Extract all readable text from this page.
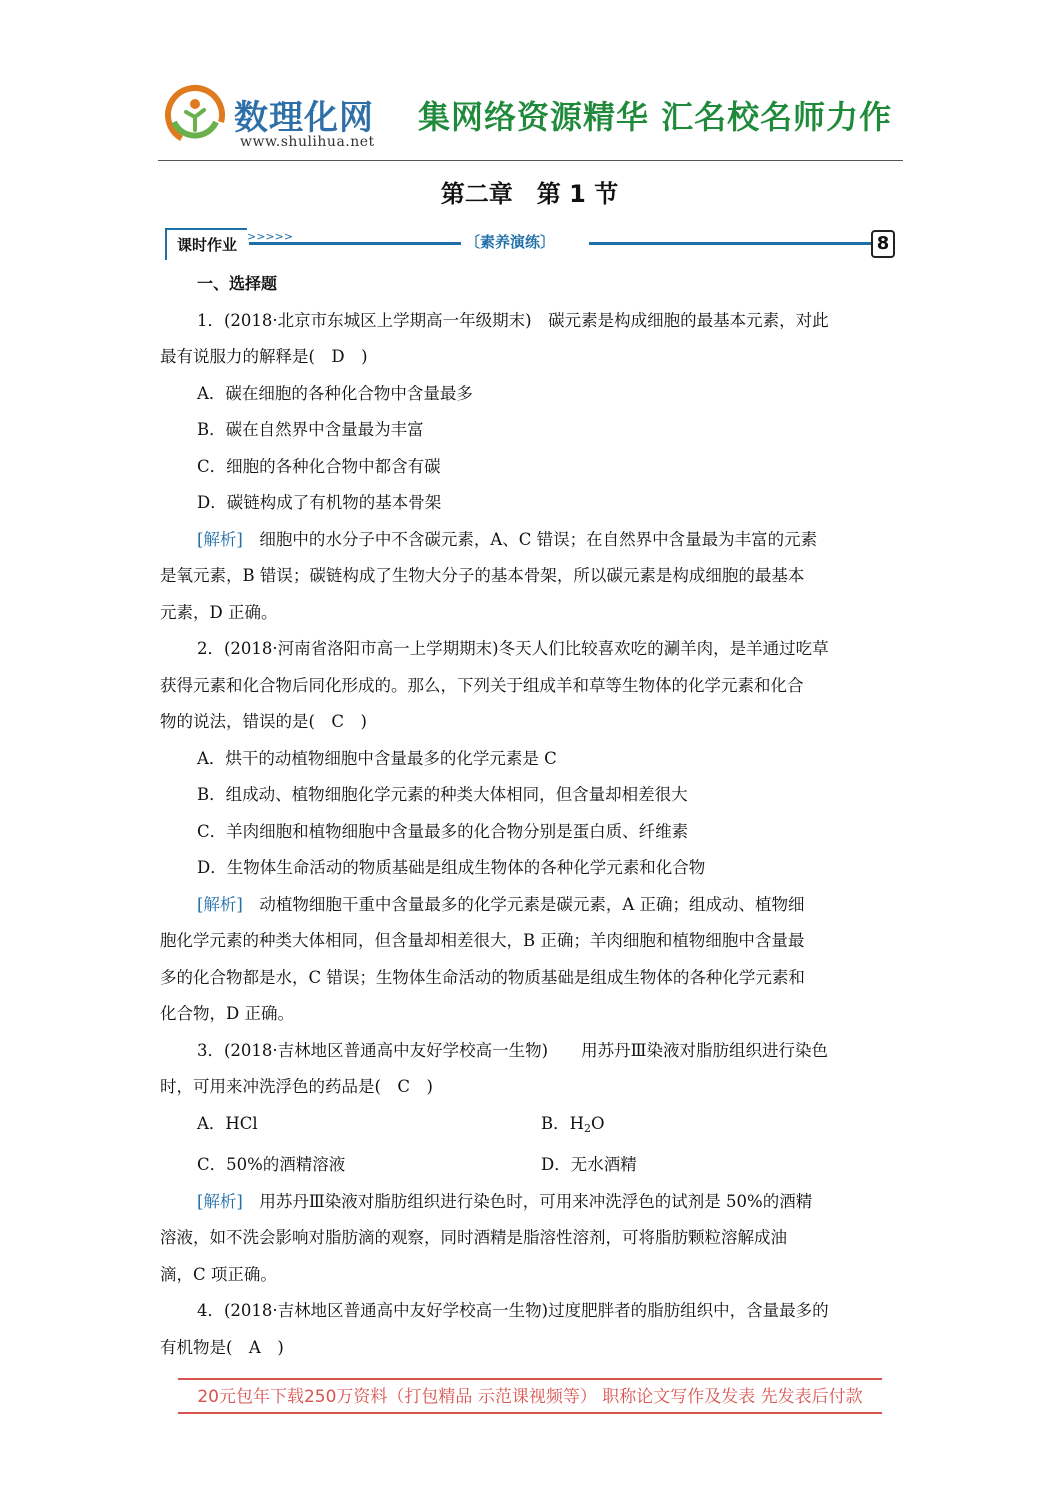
数理化网
www.shulihua.net
集网络资源精华 汇名校名师力作
第二章　第 1 节
课时作业 >>>>>	〔素养演练〕	8

一、选择题

1．(2018·北京市东城区上学期高一年级期末)　碳元素是构成细胞的最基本元素，对此

最有说服力的解释是(　D　)

A．碳在细胞的各种化合物中含量最多

B．碳在自然界中含量最为丰富

C．细胞的各种化合物中都含有碳

D．碳链构成了有机物的基本骨架

[解析]　细胞中的水分子中不含碳元素，A、C 错误；在自然界中含量最为丰富的元素

是氧元素，B 错误；碳链构成了生物大分子的基本骨架，所以碳元素是构成细胞的最基本

元素，D 正确。

2．(2018·河南省洛阳市高一上学期期末)冬天人们比较喜欢吃的涮羊肉，是羊通过吃草

获得元素和化合物后同化形成的。那么，下列关于组成羊和草等生物体的化学元素和化合

物的说法，错误的是(　C　)

A．烘干的动植物细胞中含量最多的化学元素是 C

B．组成动、植物细胞化学元素的种类大体相同，但含量却相差很大

C．羊肉细胞和植物细胞中含量最多的化合物分别是蛋白质、纤维素

D．生物体生命活动的物质基础是组成生物体的各种化学元素和化合物

[解析]　动植物细胞干重中含量最多的化学元素是碳元素，A 正确；组成动、植物细

胞化学元素的种类大体相同，但含量却相差很大，B 正确；羊肉细胞和植物细胞中含量最

多的化合物都是水，C 错误；生物体生命活动的物质基础是组成生物体的各种化学元素和

化合物，D 正确。

3．(2018·吉林地区普通高中友好学校高一生物)　　用苏丹Ⅲ染液对脂肪组织进行染色

时，可用来冲洗浮色的药品是(　C　)

A．HCl	B．$H_2O$
C．50%的酒精溶液	D．无水酒精

[解析]　用苏丹Ⅲ染液对脂肪组织进行染色时，可用来冲洗浮色的试剂是 50%的酒精

溶液，如不洗会影响对脂肪滴的观察，同时酒精是脂溶性溶剂，可将脂肪颗粒溶解成油

滴，C 项正确。

4．(2018·吉林地区普通高中友好学校高一生物)过度肥胖者的脂肪组织中，含量最多的

有机物是(　A　)

20元包年下载250万资料（打包精品 示范课视频等） 职称论文写作及发表 先发表后付款
